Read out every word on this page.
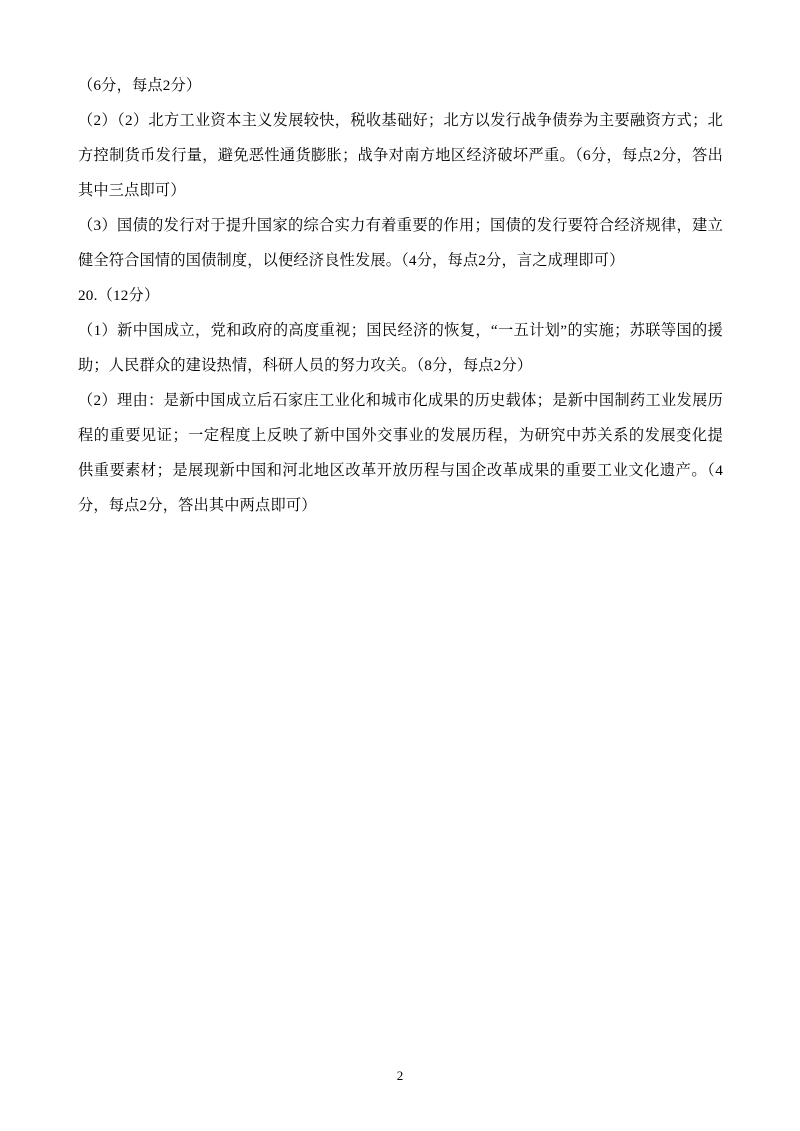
（6分，每点2分）

（2）（2）北方工业资本主义发展较快，税收基础好；北方以发行战争债券为主要融资方式；北方控制货币发行量，避免恶性通货膨胀；战争对南方地区经济破坏严重。（6分，每点2分，答出其中三点即可）

（3）国债的发行对于提升国家的综合实力有着重要的作用；国债的发行要符合经济规律，建立健全符合国情的国债制度，以便经济良性发展。（4分，每点2分，言之成理即可）

20.（12分）

（1）新中国成立，党和政府的高度重视；国民经济的恢复，“一五计划”的实施；苏联等国的援助；人民群众的建设热情，科研人员的努力攻关。（8分，每点2分）

（2）理由：是新中国成立后石家庄工业化和城市化成果的历史载体；是新中国制药工业发展历程的重要见证；一定程度上反映了新中国外交事业的发展历程，为研究中苏关系的发展变化提供重要素材；是展现新中国和河北地区改革开放历程与国企改革成果的重要工业文化遗产。（4分，每点2分，答出其中两点即可）

2
